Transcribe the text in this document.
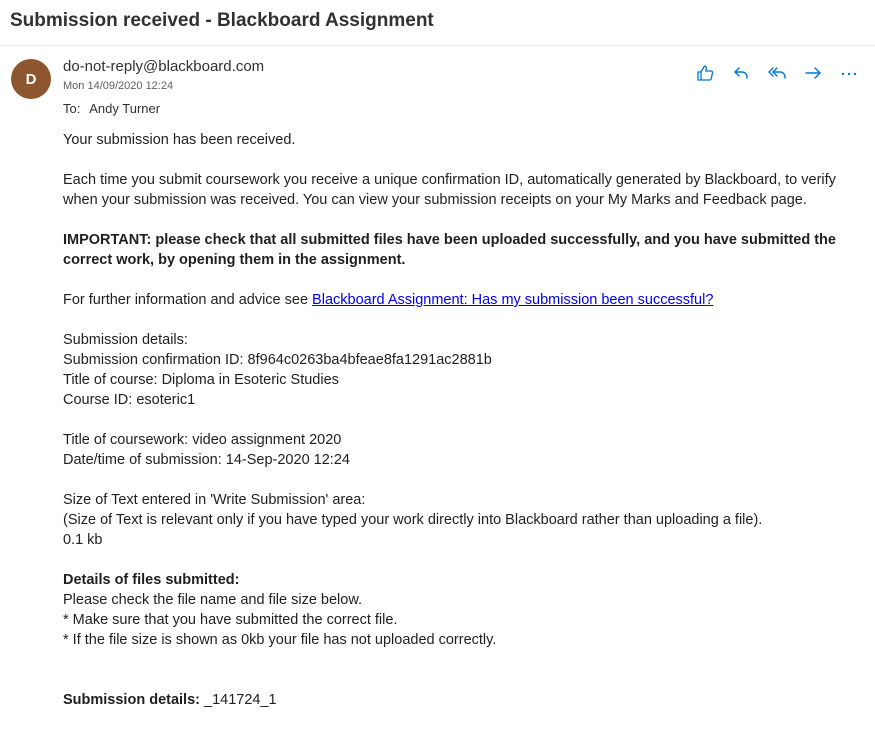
Submission received - Blackboard Assignment
D
do-not-reply@blackboard.com
Mon 14/09/2020 12:24
To: Andy Turner

Your submission has been received.

Each time you submit coursework you receive a unique confirmation ID, automatically generated by Blackboard, to verify when your submission was received. You can view your submission receipts on your My Marks and Feedback page.

IMPORTANT: please check that all submitted files have been uploaded successfully, and you have submitted the correct work, by opening them in the assignment.

For further information and advice see Blackboard Assignment: Has my submission been successful?

Submission details:
Submission confirmation ID: 8f964c0263ba4bfeae8fa1291ac2881b
Title of course: Diploma in Esoteric Studies
Course ID: esoteric1

Title of coursework: video assignment 2020
Date/time of submission: 14-Sep-2020 12:24

Size of Text entered in 'Write Submission' area:
(Size of Text is relevant only if you have typed your work directly into Blackboard rather than uploading a file).
0.1 kb

Details of files submitted:
Please check the file name and file size below.
* Make sure that you have submitted the correct file.
* If the file size is shown as 0kb your file has not uploaded correctly.

Submission details: _141724_1
